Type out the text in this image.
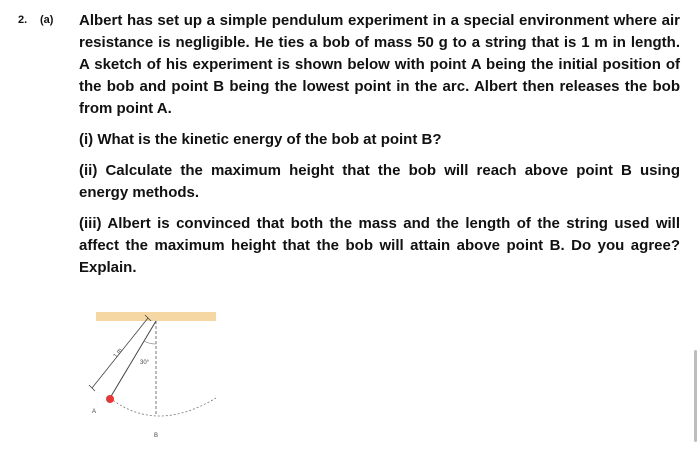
2. (a) Albert has set up a simple pendulum experiment in a special environment where air resistance is negligible. He ties a bob of mass 50 g to a string that is 1 m in length. A sketch of his experiment is shown below with point A being the initial position of the bob and point B being the lowest point in the arc. Albert then releases the bob from point A.

(i) What is the kinetic energy of the bob at point B?

(ii) Calculate the maximum height that the bob will reach above point B using energy methods.

(iii) Albert is convinced that both the mass and the length of the string used will affect the maximum height that the bob will attain above point B. Do you agree? Explain.

1 m
30°
A
B
